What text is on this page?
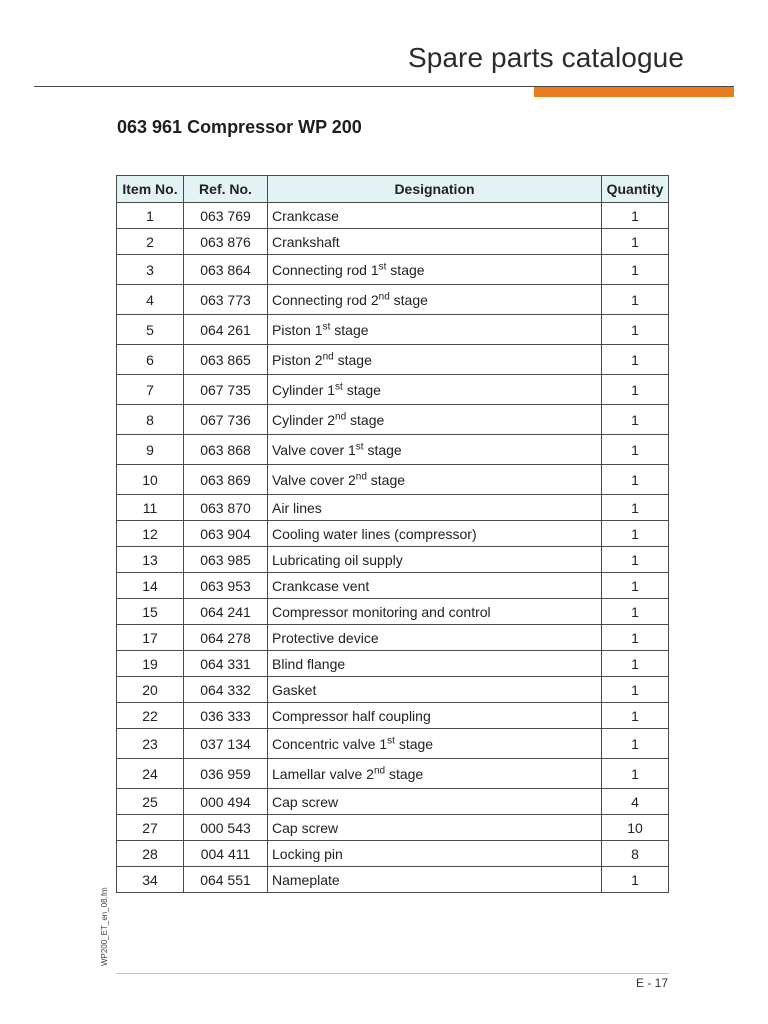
Spare parts catalogue
063 961 Compressor WP 200
Item No.	Ref. No.	Designation	Quantity
1	063 769	Crankcase	1
2	063 876	Crankshaft	1
3	063 864	Connecting rod 1st stage	1
4	063 773	Connecting rod 2nd stage	1
5	064 261	Piston 1st stage	1
6	063 865	Piston 2nd stage	1
7	067 735	Cylinder 1st stage	1
8	067 736	Cylinder 2nd stage	1
9	063 868	Valve cover 1st stage	1
10	063 869	Valve cover 2nd stage	1
11	063 870	Air lines	1
12	063 904	Cooling water lines (compressor)	1
13	063 985	Lubricating oil supply	1
14	063 953	Crankcase vent	1
15	064 241	Compressor monitoring and control	1
17	064 278	Protective device	1
19	064 331	Blind flange	1
20	064 332	Gasket	1
22	036 333	Compressor half coupling	1
23	037 134	Concentric valve 1st stage	1
24	036 959	Lamellar valve 2nd stage	1
25	000 494	Cap screw	4
27	000 543	Cap screw	10
28	004 411	Locking pin	8
34	064 551	Nameplate	1
WP200_ET_en_08.fm
E - 17
